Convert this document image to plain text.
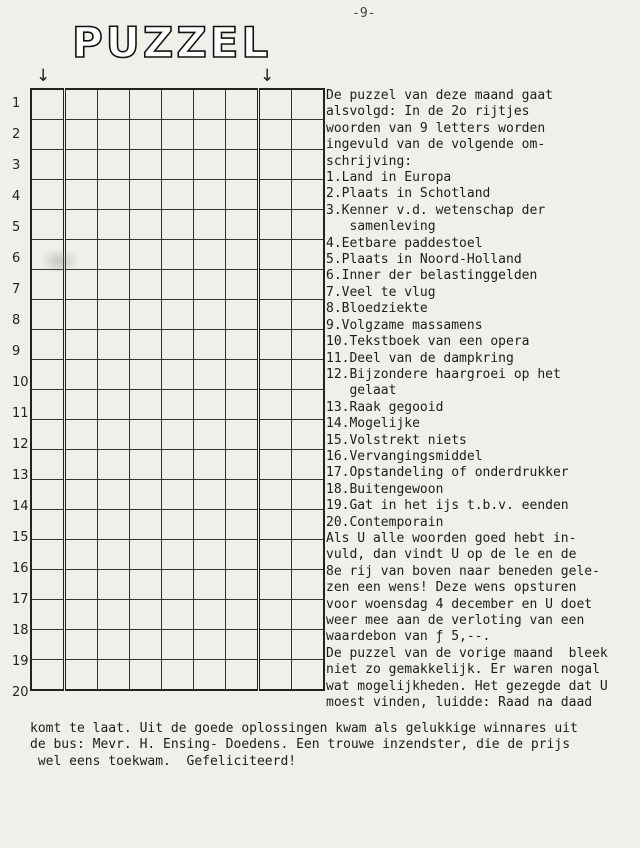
-9-
PUZZEL
↓	↓
1
2
3
4
5
6
7
8
9
10
11
12
13
14
15
16
17
18
19
20

De puzzel van deze maand gaat

alsvolgd: In de 2o rijtjes

woorden van 9 letters worden

ingevuld van de volgende om-

schrijving:

1.Land in Europa
2.Plaats in Schotland
3.Kenner v.d. wetenschap der
samenleving
4.Eetbare paddestoel
5.Plaats in Noord-Holland
6.Inner der belastinggelden
7.Veel te vlug
8.Bloedziekte
9.Volgzame massamens
10.Tekstboek van een opera
11.Deel van de dampkring
12.Bijzondere haargroei op het
gelaat
13.Raak gegooid
14.Mogelijke
15.Volstrekt niets
16.Vervangingsmiddel
17.Opstandeling of onderdrukker
18.Buitengewoon
19.Gat in het ijs t.b.v. eenden
20.Contemporain

Als U alle woorden goed hebt in-

vuld, dan vindt U op de le en de

8e rij van boven naar beneden gele-

zen een wens! Deze wens opsturen

voor woensdag 4 december en U doet

weer mee aan de verloting van een

waardebon van ƒ 5,--.

De puzzel van de vorige maand  bleek

niet zo gemakkelijk. Er waren nogal

wat mogelijkheden. Het gezegde dat U

moest vinden, luidde: Raad na daad

komt te laat. Uit de goede oplossingen kwam als gelukkige winnares uit

de bus: Mevr. H. Ensing- Doedens. Een trouwe inzendster, die de prijs

wel eens toekwam.  Gefeliciteerd!
